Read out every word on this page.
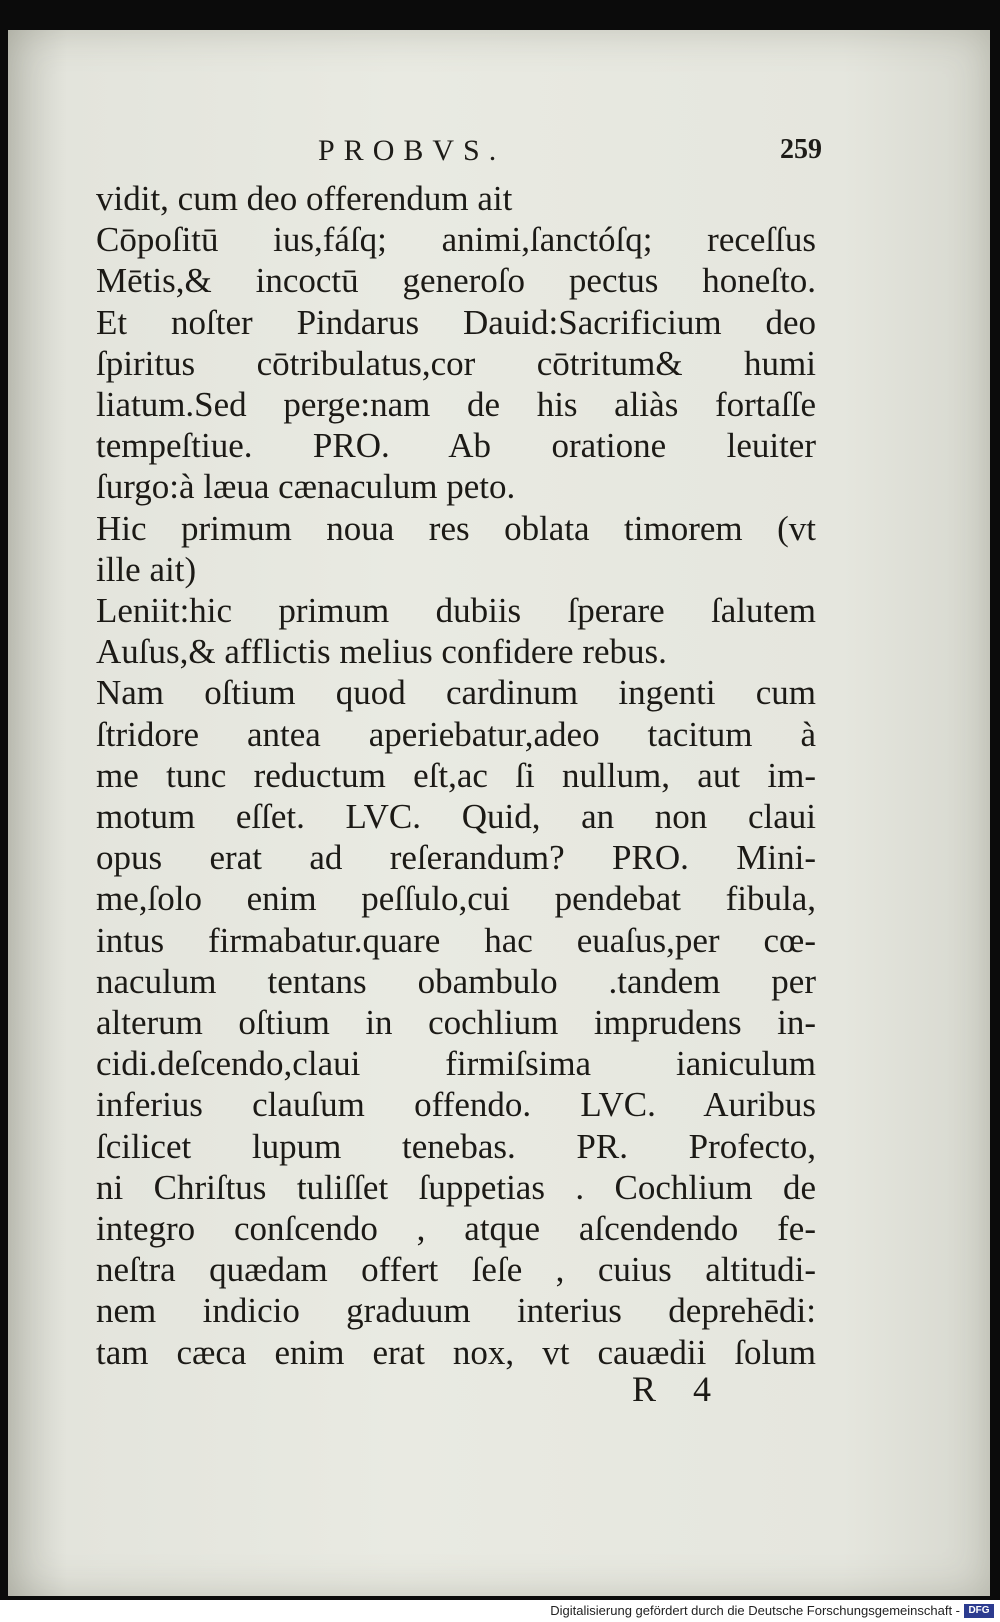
PROBVS.	259
vidit, cum deo offerendum ait
Cōpoſitū ius,fáſq; animi,ſanctóſq; receſſus
Mētis,& incoctū generoſo pectus honeſto.
Et noſter Pindarus Dauid:Sacrificium deo
ſpiritus cōtribulatus,cor cōtritum& humi
liatum.Sed perge:nam de his aliàs fortaſſe
tempeſtiue. PRO. Ab oratione leuiter
ſurgo:à læua cænaculum peto.
Hic primum noua res oblata timorem (vt
ille ait)
Leniit:hic primum dubiis ſperare ſalutem
Auſus,& afflictis melius confidere rebus.
Nam oſtium quod cardinum ingenti cum
ſtridore antea aperiebatur,adeo tacitum à
me tunc reductum eſt,ac ſi nullum, aut im-
motum eſſet. LVC. Quid, an non claui
opus erat ad reſerandum? PRO. Mini-
me,ſolo enim peſſulo,cui pendebat fibula,
intus firmabatur.quare hac euaſus,per cœ-
naculum tentans obambulo .tandem per
alterum oſtium in cochlium imprudens in-
cidi.deſcendo,claui firmiſsima ianiculum
inferius clauſum offendo. LVC. Auribus
ſcilicet lupum tenebas. PR. Profecto,
ni Chriſtus tuliſſet ſuppetias . Cochlium de
integro conſcendo , atque aſcendendo fe-
neſtra quædam offert ſeſe , cuius altitudi-
nem indicio graduum interius deprehēdi:
tam cæca enim erat nox, vt cauædii ſolum
R 4
Digitalisierung gefördert durch die Deutsche Forschungsgemeinschaft - DFG
